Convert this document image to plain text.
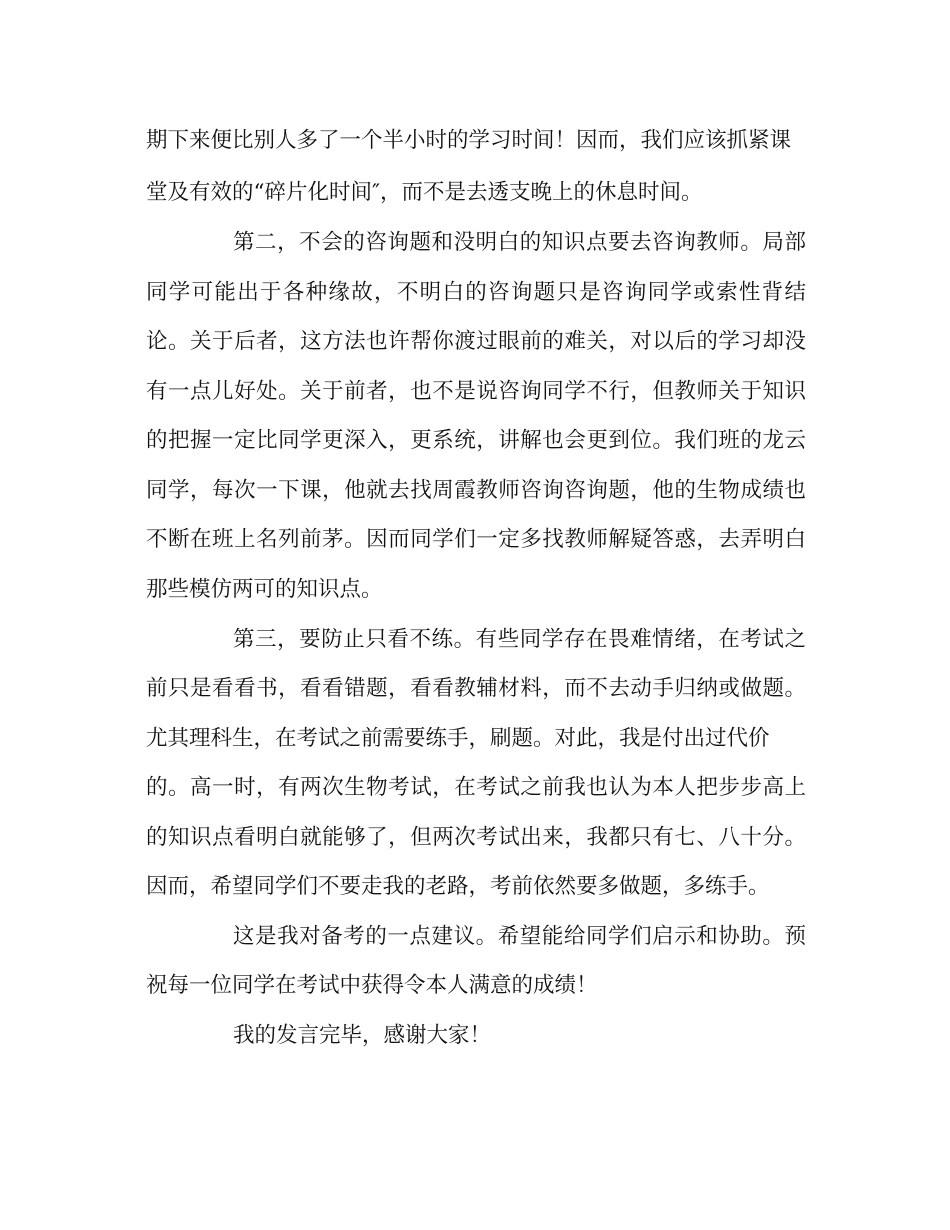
期下来便比别人多了一个半小时的学习时间！因而，我们应该抓紧课
堂及有效的“碎片化时间″，而不是去透支晚上的休息时间。
第二，不会的咨询题和没明白的知识点要去咨询教师。局部
同学可能出于各种缘故，不明白的咨询题只是咨询同学或索性背结
论。关于后者，这方法也许帮你渡过眼前的难关，对以后的学习却没
有一点儿好处。关于前者，也不是说咨询同学不行，但教师关于知识
的把握一定比同学更深入，更系统，讲解也会更到位。我们班的龙云
同学，每次一下课，他就去找周霞教师咨询咨询题，他的生物成绩也
不断在班上名列前茅。因而同学们一定多找教师解疑答惑，去弄明白
那些模仿两可的知识点。
第三，要防止只看不练。有些同学存在畏难情绪，在考试之
前只是看看书，看看错题，看看教辅材料，而不去动手归纳或做题。
尤其理科生，在考试之前需要练手，刷题。对此，我是付出过代价
的。高一时，有两次生物考试，在考试之前我也认为本人把步步高上
的知识点看明白就能够了，但两次考试出来，我都只有七、八十分。
因而，希望同学们不要走我的老路，考前依然要多做题，多练手。
这是我对备考的一点建议。希望能给同学们启示和协助。预
祝每一位同学在考试中获得令本人满意的成绩！
我的发言完毕，感谢大家！
